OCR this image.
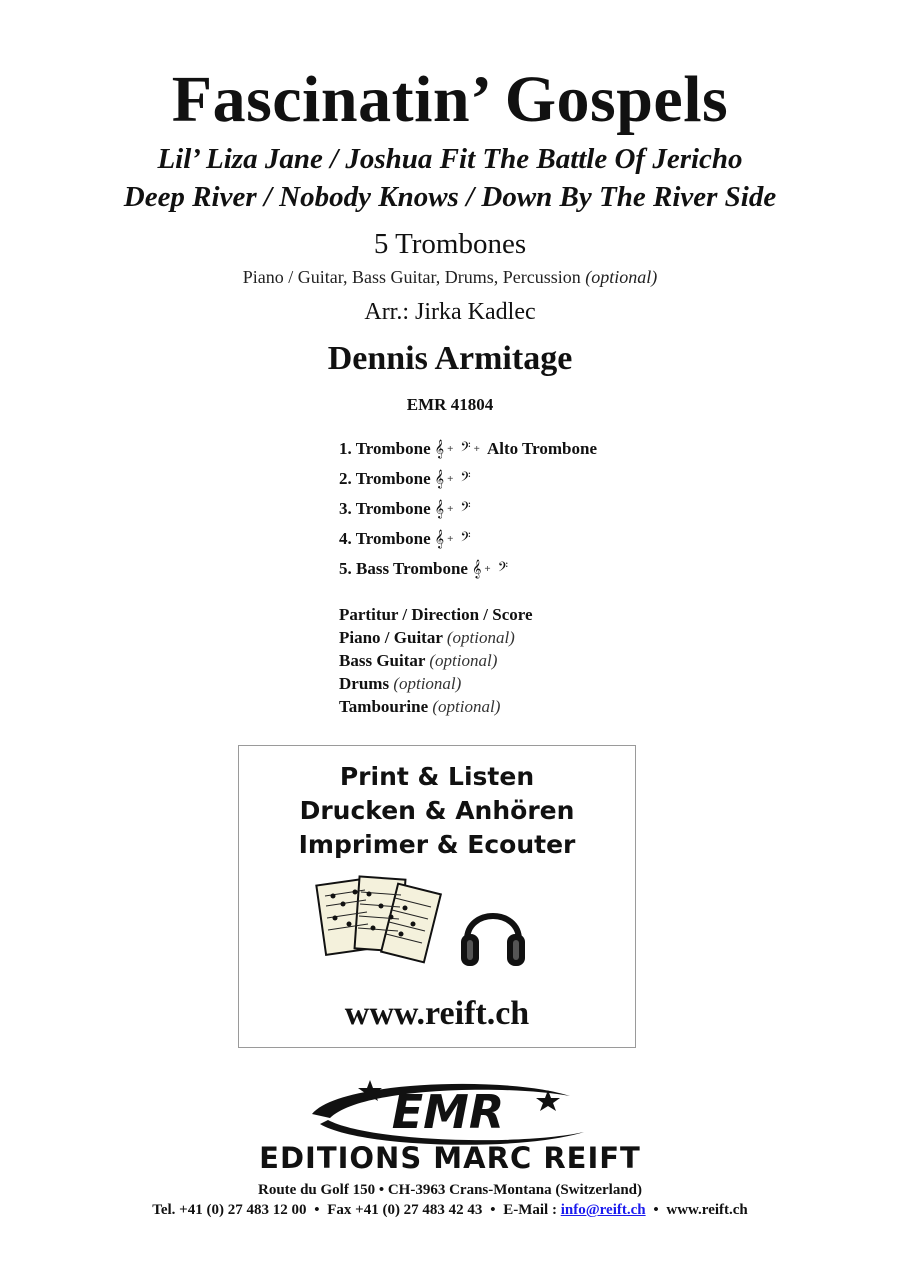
Fascinatin’ Gospels
Lil’ Liza Jane / Joshua Fit The Battle Of Jericho
Deep River / Nobody Knows / Down By The River Side
5 Trombones
Piano / Guitar, Bass Guitar, Drums, Percussion (optional)
Arr.: Jirka Kadlec
Dennis Armitage
EMR 41804
1. Trombone 𝄞 + 𝄢 + Alto Trombone
2. Trombone 𝄞 + 𝄢
3. Trombone 𝄞 + 𝄢
4. Trombone 𝄞 + 𝄢
5. Bass Trombone 𝄞 + 𝄢
Partitur / Direction / Score
Piano / Guitar (optional)
Bass Guitar (optional)
Drums (optional)
Tambourine (optional)
Print & Listen
Drucken & Anhören
Imprimer & Ecouter
www.reift.ch
EMR
EDITIONS MARC REIFT
Route du Golf 150 • CH-3963 Crans-Montana (Switzerland)
Tel. +41 (0) 27 483 12 00 • Fax +41 (0) 27 483 42 43 • E-Mail : info@reift.ch • www.reift.ch
